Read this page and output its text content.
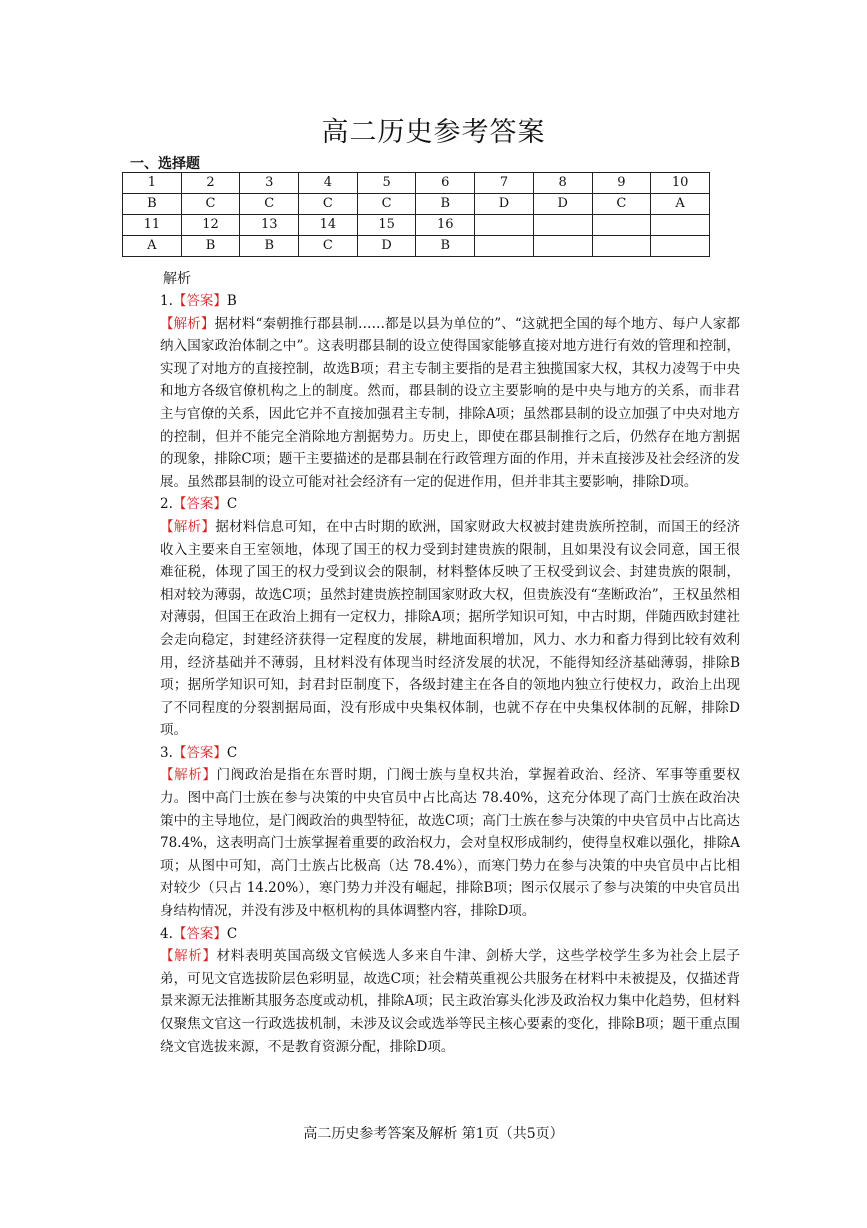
高二历史参考答案
一、选择题
1	2	3	4	5	6	7	8	9	10
B	C	C	C	C	B	D	D	C	A
11	12	13	14	15	16				
A	B	B	C	D	B				
解析

1.【答案】B

【解析】据材料“秦朝推行郡县制……都是以县为单位的”、“这就把全国的每个地方、每户人家都纳入国家政治体制之中”。这表明郡县制的设立使得国家能够直接对地方进行有效的管理和控制，实现了对地方的直接控制，故选B项；君主专制主要指的是君主独揽国家大权，其权力凌驾于中央和地方各级官僚机构之上的制度。然而，郡县制的设立主要影响的是中央与地方的关系，而非君主与官僚的关系，因此它并不直接加强君主专制，排除A项；虽然郡县制的设立加强了中央对地方的控制，但并不能完全消除地方割据势力。历史上，即使在郡县制推行之后，仍然存在地方割据的现象，排除C项；题干主要描述的是郡县制在行政管理方面的作用，并未直接涉及社会经济的发展。虽然郡县制的设立可能对社会经济有一定的促进作用，但并非其主要影响，排除D项。

2.【答案】C

【解析】据材料信息可知，在中古时期的欧洲，国家财政大权被封建贵族所控制，而国王的经济收入主要来自王室领地，体现了国王的权力受到封建贵族的限制，且如果没有议会同意，国王很难征税，体现了国王的权力受到议会的限制，材料整体反映了王权受到议会、封建贵族的限制，相对较为薄弱，故选C项；虽然封建贵族控制国家财政大权，但贵族没有“垄断政治”，王权虽然相对薄弱，但国王在政治上拥有一定权力，排除A项；据所学知识可知，中古时期，伴随西欧封建社会走向稳定，封建经济获得一定程度的发展，耕地面积增加，风力、水力和畜力得到比较有效利用，经济基础并不薄弱，且材料没有体现当时经济发展的状况，不能得知经济基础薄弱，排除B项；据所学知识可知，封君封臣制度下，各级封建主在各自的领地内独立行使权力，政治上出现了不同程度的分裂割据局面，没有形成中央集权体制，也就不存在中央集权体制的瓦解，排除D项。

3.【答案】C

【解析】门阀政治是指在东晋时期，门阀士族与皇权共治，掌握着政治、经济、军事等重要权力。图中高门士族在参与决策的中央官员中占比高达 78.40%，这充分体现了高门士族在政治决策中的主导地位，是门阀政治的典型特征，故选C项；高门士族在参与决策的中央官员中占比高达78.4%，这表明高门士族掌握着重要的政治权力，会对皇权形成制约，使得皇权难以强化，排除A项；从图中可知，高门士族占比极高（达 78.4%），而寒门势力在参与决策的中央官员中占比相对较少（只占 14.20%），寒门势力并没有崛起，排除B项；图示仅展示了参与决策的中央官员出身结构情况，并没有涉及中枢机构的具体调整内容，排除D项。

4.【答案】C

【解析】材料表明英国高级文官候选人多来自牛津、剑桥大学，这些学校学生多为社会上层子弟，可见文官选拔阶层色彩明显，故选C项；社会精英重视公共服务在材料中未被提及，仅描述背景来源无法推断其服务态度或动机，排除A项；民主政治寡头化涉及政治权力集中化趋势，但材料仅聚焦文官这一行政选拔机制，未涉及议会或选举等民主核心要素的变化，排除B项；题干重点围绕文官选拔来源，不是教育资源分配，排除D项。

高二历史参考答案及解析 第1页（共5页）
